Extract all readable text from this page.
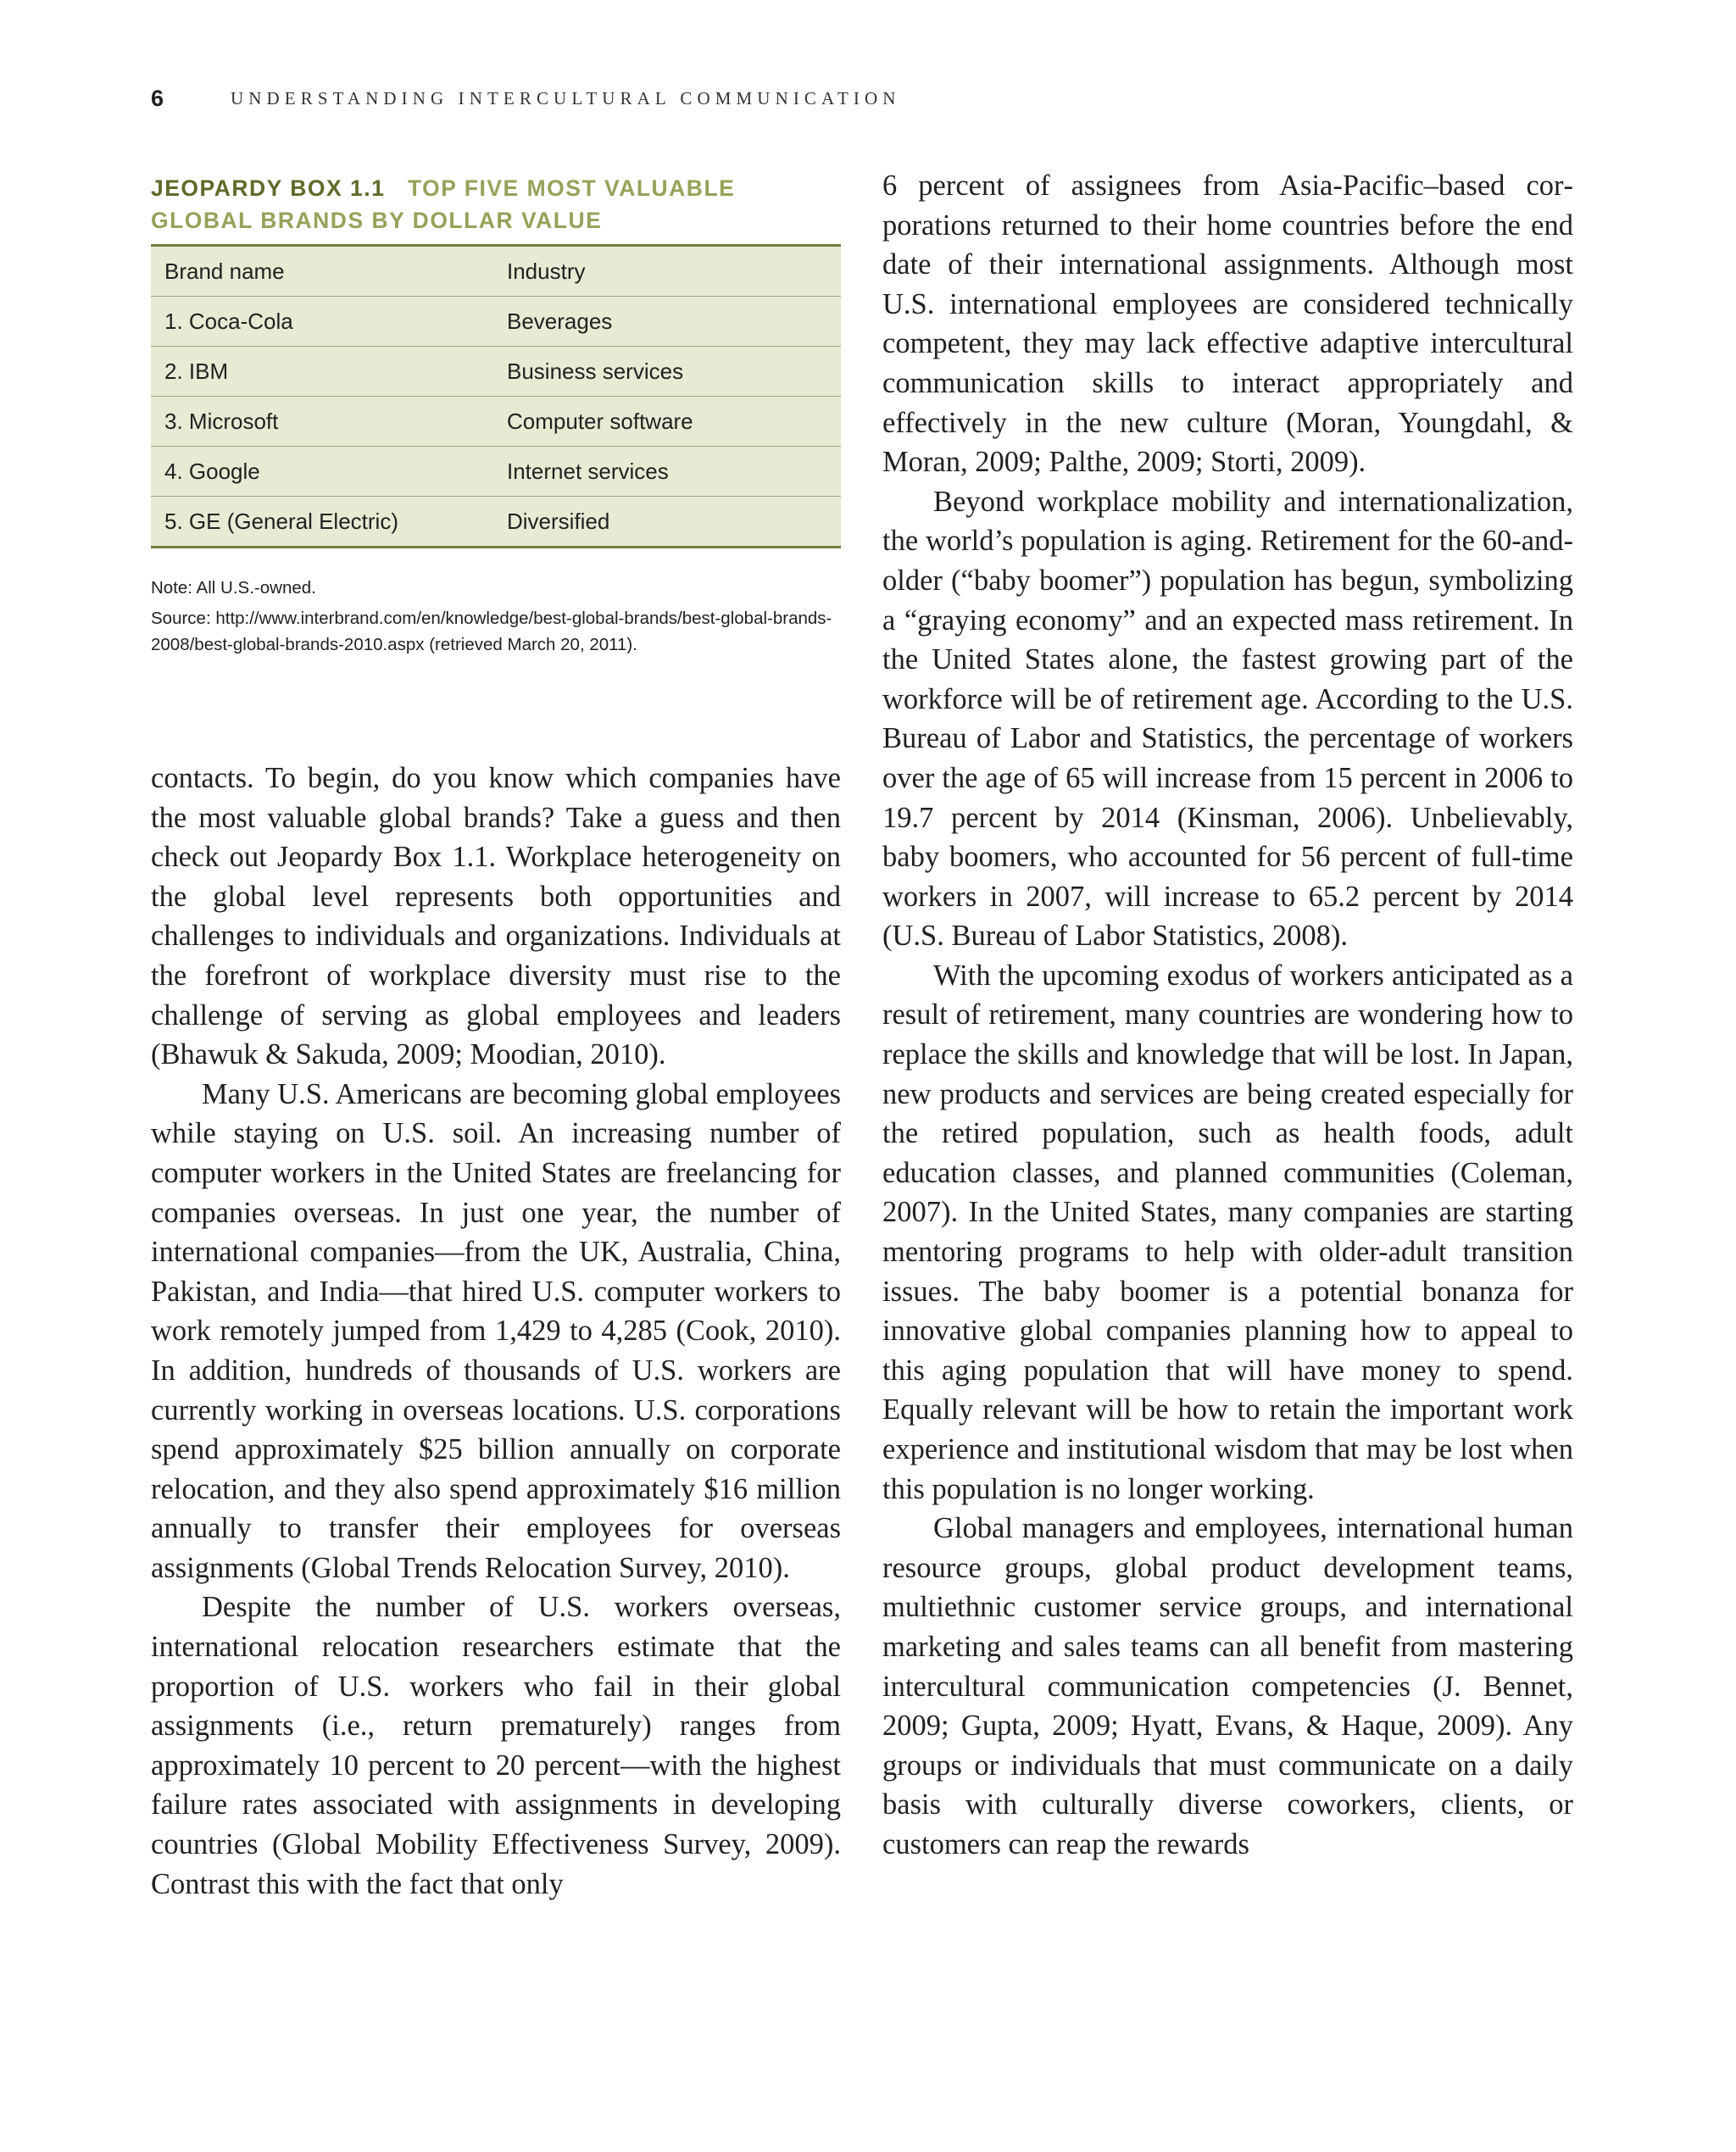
6	UNDERSTANDING INTERCULTURAL COMMUNICATION
JEOPARDY BOX 1.1 TOP FIVE MOST VALUABLE GLOBAL BRANDS BY DOLLAR VALUE
Brand name	Industry
1. Coca-Cola	Beverages
2. IBM	Business services
3. Microsoft	Computer software
4. Google	Internet services
5. GE (General Electric)	Diversified

Note: All U.S.-owned.

Source: http://www.interbrand.com/en/knowledge/best-global-brands/best-global-brands-2008/best-global-brands-2010.aspx (retrieved March 20, 2011).

contacts. To begin, do you know which companies have the most valuable global brands? Take a guess and then check out Jeopardy Box 1.1. Workplace heterogeneity on the global level represents both opportunities and challenges to individuals and organizations. Individuals at the forefront of workplace diversity must rise to the challenge of serving as global employees and leaders (Bhawuk & Sakuda, 2009; Moodian, 2010).

Many U.S. Americans are becoming global employees while staying on U.S. soil. An increasing number of computer workers in the United States are freelancing for companies overseas. In just one year, the number of international companies—from the UK, Australia, China, Pakistan, and India—that hired U.S. computer workers to work remotely jumped from 1,429 to 4,285 (Cook, 2010). In addition, hundreds of thousands of U.S. workers are currently working in overseas locations. U.S. corporations spend approximately $25 billion annually on corporate relocation, and they also spend approximately $16 million annually to transfer their employees for overseas assignments (Global Trends Relocation Survey, 2010).

Despite the number of U.S. workers overseas, international relocation researchers estimate that the proportion of U.S. workers who fail in their global assignments (i.e., return prematurely) ranges from approximately 10 percent to 20 percent—with the highest failure rates associated with assignments in developing countries (Global Mobility Effectiveness Survey, 2009). Contrast this with the fact that only

6 percent of assignees from Asia-Pacific–based corporations returned to their home countries before the end date of their international assignments. Although most U.S. international employees are considered technically competent, they may lack effective adaptive intercultural communication skills to interact appropriately and effectively in the new culture (Moran, Youngdahl, & Moran, 2009; Palthe, 2009; Storti, 2009).

Beyond workplace mobility and internationalization, the world’s population is aging. Retirement for the 60-and-older (“baby boomer”) population has begun, symbolizing a “graying economy” and an expected mass retirement. In the United States alone, the fastest growing part of the workforce will be of retirement age. According to the U.S. Bureau of Labor and Statistics, the percentage of workers over the age of 65 will increase from 15 percent in 2006 to 19.7 percent by 2014 (Kinsman, 2006). Unbelievably, baby boomers, who accounted for 56 percent of full-time workers in 2007, will increase to 65.2 percent by 2014 (U.S. Bureau of Labor Statistics, 2008).

With the upcoming exodus of workers anticipated as a result of retirement, many countries are wondering how to replace the skills and knowledge that will be lost. In Japan, new products and services are being created especially for the retired population, such as health foods, adult education classes, and planned communities (Coleman, 2007). In the United States, many companies are starting mentoring programs to help with older-adult transition issues. The baby boomer is a potential bonanza for innovative global companies planning how to appeal to this aging population that will have money to spend. Equally relevant will be how to retain the important work experience and institutional wisdom that may be lost when this population is no longer working.

Global managers and employees, international human resource groups, global product development teams, multiethnic customer service groups, and international marketing and sales teams can all benefit from mastering intercultural communication competencies (J. Bennet, 2009; Gupta, 2009; Hyatt, Evans, & Haque, 2009). Any groups or individuals that must communicate on a daily basis with culturally diverse coworkers, clients, or customers can reap the rewards
